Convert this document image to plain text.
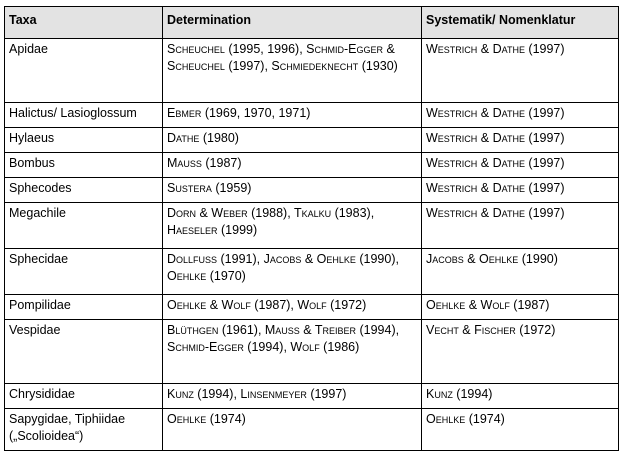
Taxa	Determination	Systematik/ Nomenklatur
Apidae	Scheuchel (1995, 1996), Schmid-Egger & Scheuchel (1997), Schmiedeknecht (1930)	Westrich & Dathe (1997)
Halictus/ Lasioglossum	Ebmer (1969, 1970, 1971)	Westrich & Dathe (1997)
Hylaeus	Dathe (1980)	Westrich & Dathe (1997)
Bombus	Mauss (1987)	Westrich & Dathe (1997)
Sphecodes	Sustera (1959)	Westrich & Dathe (1997)
Megachile	Dorn & Weber (1988), Tkalku (1983), Haeseler (1999)	Westrich & Dathe (1997)
Sphecidae	Dollfuss (1991), Jacobs & Oehlke (1990), Oehlke (1970)	Jacobs & Oehlke (1990)
Pompilidae	Oehlke & Wolf (1987), Wolf (1972)	Oehlke & Wolf (1987)
Vespidae	Blüthgen (1961), Mauss & Treiber (1994), Schmid-Egger (1994), Wolf (1986)	Vecht & Fischer (1972)
Chrysididae	Kunz (1994), Linsenmeyer (1997)	Kunz (1994)
Sapygidae, Tiphiidae („Scolioidea“)	Oehlke (1974)	Oehlke (1974)
